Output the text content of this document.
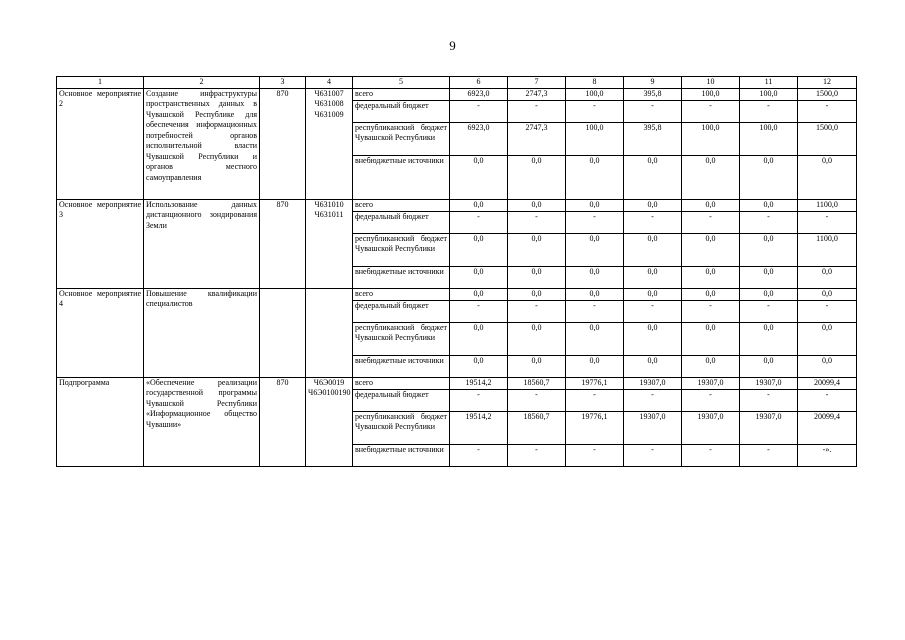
9
1	2	3	4	5	6	7	8	9	10	11	12
Основное мероприятие 2	Создание инфраструктуры пространственных данных в Чувашской Республике для обеспечения информационных потребностей органов исполнительной власти Чувашской Республики и органов местного самоуправления	870	Ч631007 Ч631008 Ч631009	всего	6923,0	2747,3	100,0	395,8	100,0	100,0	1500,0
				федеральный бюджет	-	-	-	-	-	-	-
				республиканский бюджет Чувашской Республики	6923,0	2747,3	100,0	395,8	100,0	100,0	1500,0
				внебюджетные источники	0,0	0,0	0,0	0,0	0,0	0,0	0,0
Основное мероприятие 3	Использование данных дистанционного зондирования Земли	870	Ч631010 Ч631011	всего	0,0	0,0	0,0	0,0	0,0	0,0	1100,0
				федеральный бюджет	-	-	-	-	-	-	-
				республиканский бюджет Чувашской Республики	0,0	0,0	0,0	0,0	0,0	0,0	1100,0
				внебюджетные источники	0,0	0,0	0,0	0,0	0,0	0,0	0,0
Основное мероприятие 4	Повышение квалификации специалистов			всего	0,0	0,0	0,0	0,0	0,0	0,0	0,0
				федеральный бюджет	-	-	-	-	-	-	-
				республиканский бюджет Чувашской Республики	0,0	0,0	0,0	0,0	0,0	0,0	0,0
				внебюджетные источники	0,0	0,0	0,0	0,0	0,0	0,0	0,0
Подпрограмма	«Обеспечение реализации государственной программы Чувашской Республики «Информационное общество Чувашии»	870	Ч6Э0019 Ч6Э0100190	всего	19514,2	18560,7	19776,1	19307,0	19307,0	19307,0	20099,4
				федеральный бюджет	-	-	-	-	-	-	-
				республиканский бюджет Чувашской Республики	19514,2	18560,7	19776,1	19307,0	19307,0	19307,0	20099,4
				внебюджетные источники	-	-	-	-	-	-	-».
